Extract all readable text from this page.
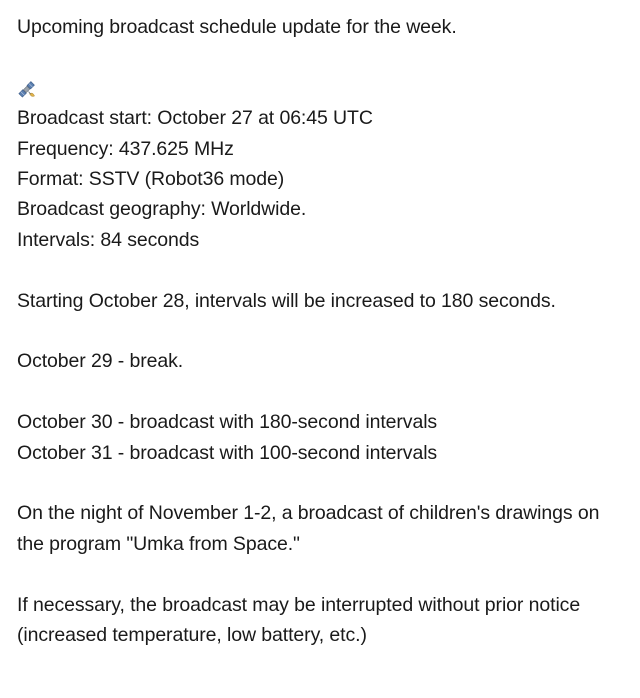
Upcoming broadcast schedule update for the week.
Broadcast start: October 27 at 06:45 UTC
Frequency: 437.625 MHz
Format: SSTV (Robot36 mode)
Broadcast geography: Worldwide.
Intervals: 84 seconds
Starting October 28, intervals will be increased to 180 seconds.
October 29 - break.
October 30 - broadcast with 180-second intervals
October 31 - broadcast with 100-second intervals
On the night of November 1-2, a broadcast of children's drawings on the program "Umka from Space."
If necessary, the broadcast may be interrupted without prior notice (increased temperature, low battery, etc.)
